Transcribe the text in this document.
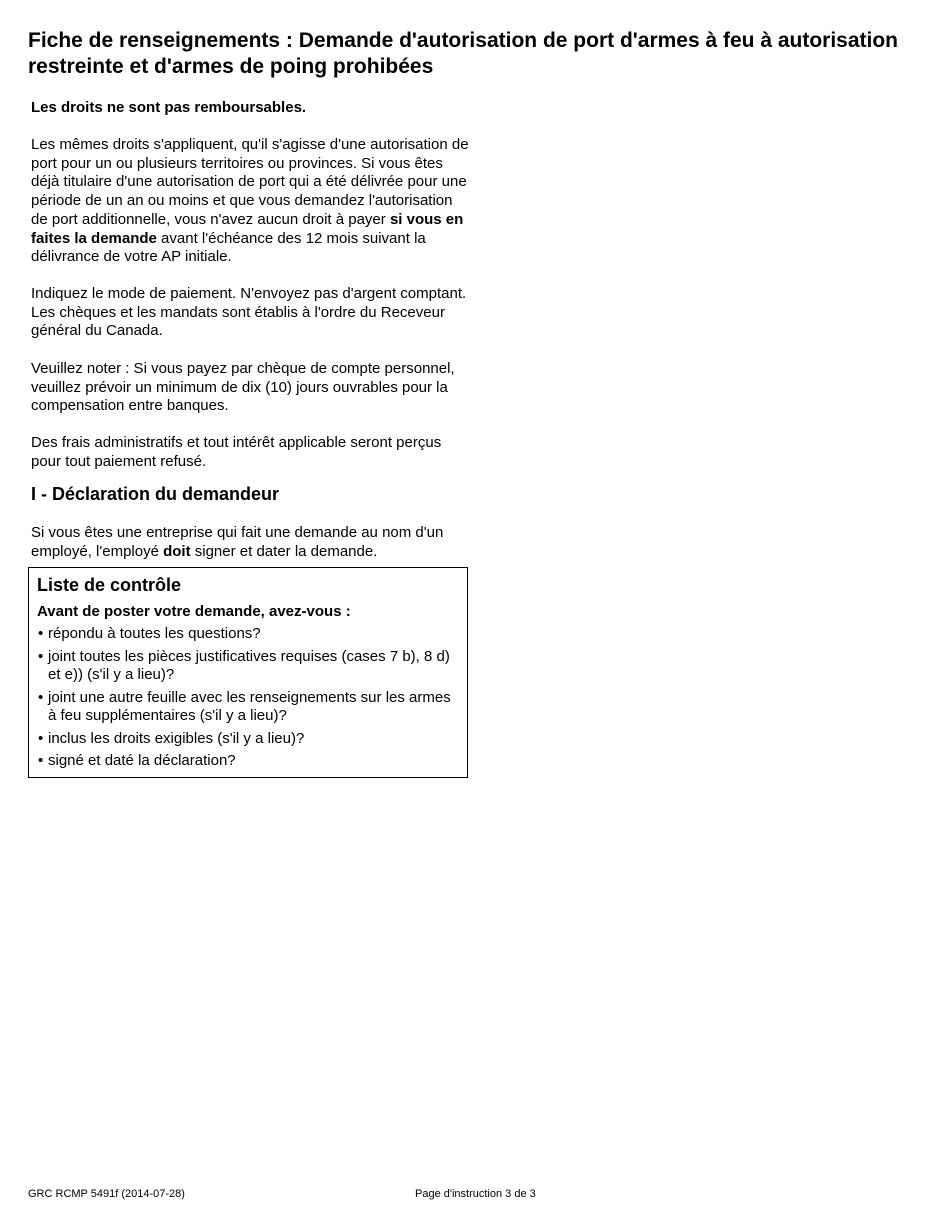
Fiche de renseignements : Demande d'autorisation de port d'armes à feu à autorisation restreinte et d'armes de poing prohibées

Les droits ne sont pas remboursables.

Les mêmes droits s'appliquent, qu'il s'agisse d'une autorisation de port pour un ou plusieurs territoires ou provinces. Si vous êtes déjà titulaire d'une autorisation de port qui a été délivrée pour une période de un an ou moins et que vous demandez l'autorisation de port additionnelle, vous n'avez aucun droit à payer si vous en faites la demande avant l'échéance des 12 mois suivant la délivrance de votre AP initiale.

Indiquez le mode de paiement. N'envoyez pas d'argent comptant. Les chèques et les mandats sont établis à l'ordre du Receveur général du Canada.

Veuillez noter : Si vous payez par chèque de compte personnel, veuillez prévoir un minimum de dix (10) jours ouvrables pour la compensation entre banques.

Des frais administratifs et tout intérêt applicable seront perçus pour tout paiement refusé.

I - Déclaration du demandeur

Si vous êtes une entreprise qui fait une demande au nom d'un employé, l'employé doit signer et dater la demande.

Liste de contrôle

Avant de poster votre demande, avez-vous :

• répondu à toutes les questions?
• joint toutes les pièces justificatives requises (cases 7 b), 8 d) et e)) (s'il y a lieu)?
• joint une autre feuille avec les renseignements sur les armes à feu supplémentaires (s'il y a lieu)?
• inclus les droits exigibles (s'il y a lieu)?
• signé et daté la déclaration?
GRC RCMP 5491f (2014-07-28)	Page d'instruction 3 de 3
